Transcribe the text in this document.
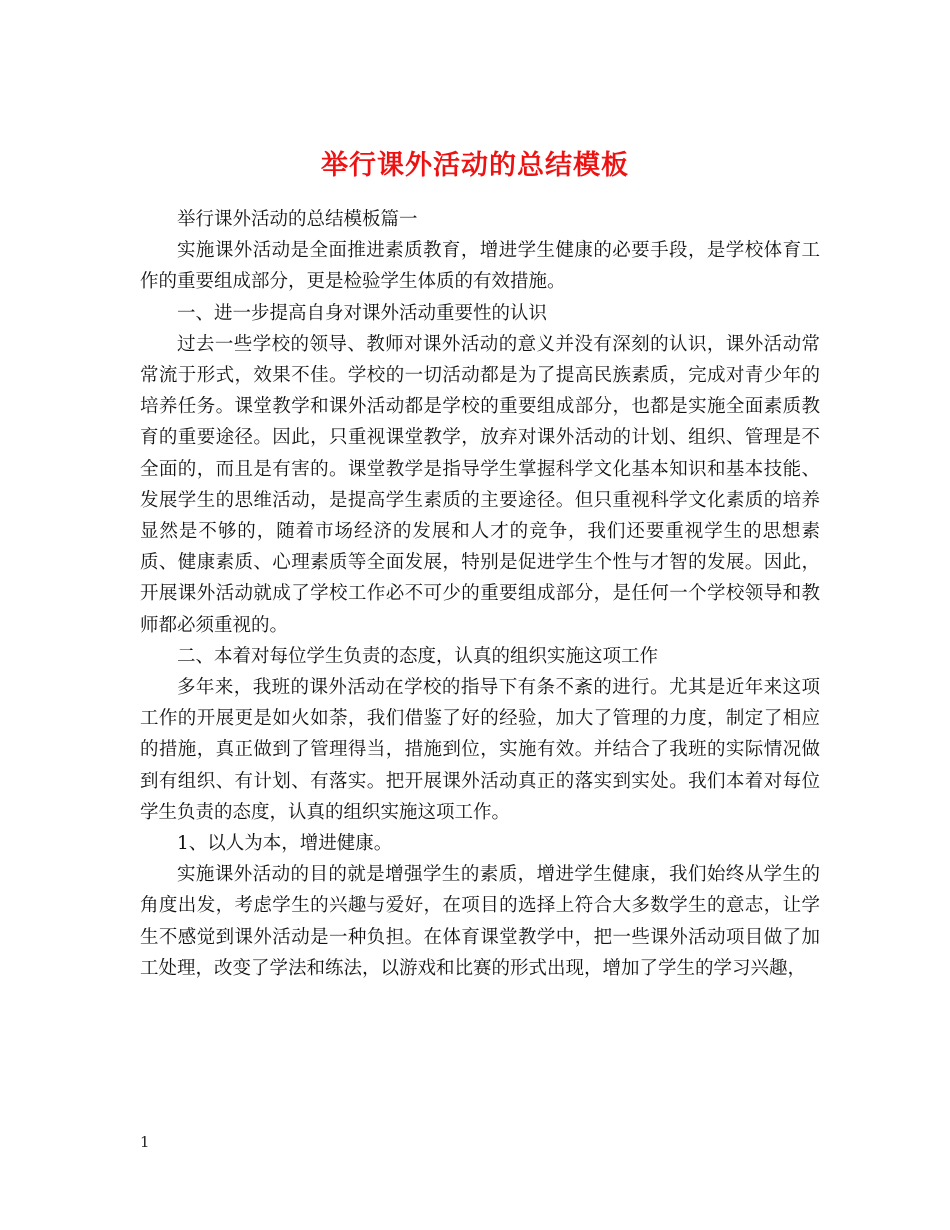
举行课外活动的总结模板

举行课外活动的总结模板篇一

实施课外活动是全面推进素质教育，增进学生健康的必要手段，是学校体育工作的重要组成部分，更是检验学生体质的有效措施。

一、进一步提高自身对课外活动重要性的认识

过去一些学校的领导、教师对课外活动的意义并没有深刻的认识，课外活动常常流于形式，效果不佳。学校的一切活动都是为了提高民族素质，完成对青少年的培养任务。课堂教学和课外活动都是学校的重要组成部分，也都是实施全面素质教育的重要途径。因此，只重视课堂教学，放弃对课外活动的计划、组织、管理是不全面的，而且是有害的。课堂教学是指导学生掌握科学文化基本知识和基本技能、发展学生的思维活动，是提高学生素质的主要途径。但只重视科学文化素质的培养显然是不够的，随着市场经济的发展和人才的竞争，我们还要重视学生的思想素质、健康素质、心理素质等全面发展，特别是促进学生个性与才智的发展。因此，开展课外活动就成了学校工作必不可少的重要组成部分，是任何一个学校领导和教师都必须重视的。

二、本着对每位学生负责的态度，认真的组织实施这项工作

多年来，我班的课外活动在学校的指导下有条不紊的进行。尤其是近年来这项工作的开展更是如火如荼，我们借鉴了好的经验，加大了管理的力度，制定了相应的措施，真正做到了管理得当，措施到位，实施有效。并结合了我班的实际情况做到有组织、有计划、有落实。把开展课外活动真正的落实到实处。我们本着对每位学生负责的态度，认真的组织实施这项工作。

1、以人为本，增进健康。

实施课外活动的目的就是增强学生的素质，增进学生健康，我们始终从学生的角度出发，考虑学生的兴趣与爱好，在项目的选择上符合大多数学生的意志，让学生不感觉到课外活动是一种负担。在体育课堂教学中，把一些课外活动项目做了加工处理，改变了学法和练法，以游戏和比赛的形式出现，增加了学生的学习兴趣，

1
